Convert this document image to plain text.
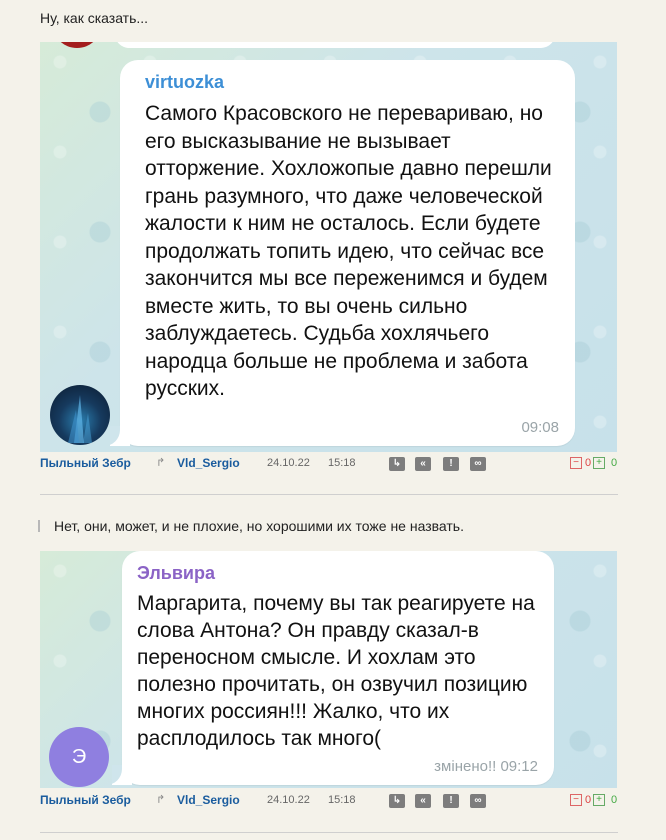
Ну, как сказать...
virtuozka
Самого Красовского не перевариваю, но его высказывание не вызывает отторжение. Хохложопые давно перешли грань разумного, что даже человеческой жалости к ним не осталось. Если будете продолжать топить идею, что сейчас все закончится мы все переженимся и будем вместе жить, то вы очень сильно заблуждаетесь. Судьба хохлячьего народца больше не проблема и забота русских.
09:08
Пыльный Зебр ↱ Vld_Sergio 24.10.22 15:18	↳	«	!	∞	− 0 + 0
Нет, они, может, и не плохие, но хорошими их тоже не назвать.
Эльвира
Маргарита, почему вы так реагируете на слова Антона? Он правду сказал-в переносном смысле. И хохлам это полезно прочитать, он озвучил позицию многих россиян!!! Жалко, что их расплодилось так много(
змінено!! 09:12
Э
Пыльный Зебр ↱ Vld_Sergio 24.10.22 15:18	↳	«	!	∞	− 0 + 0
